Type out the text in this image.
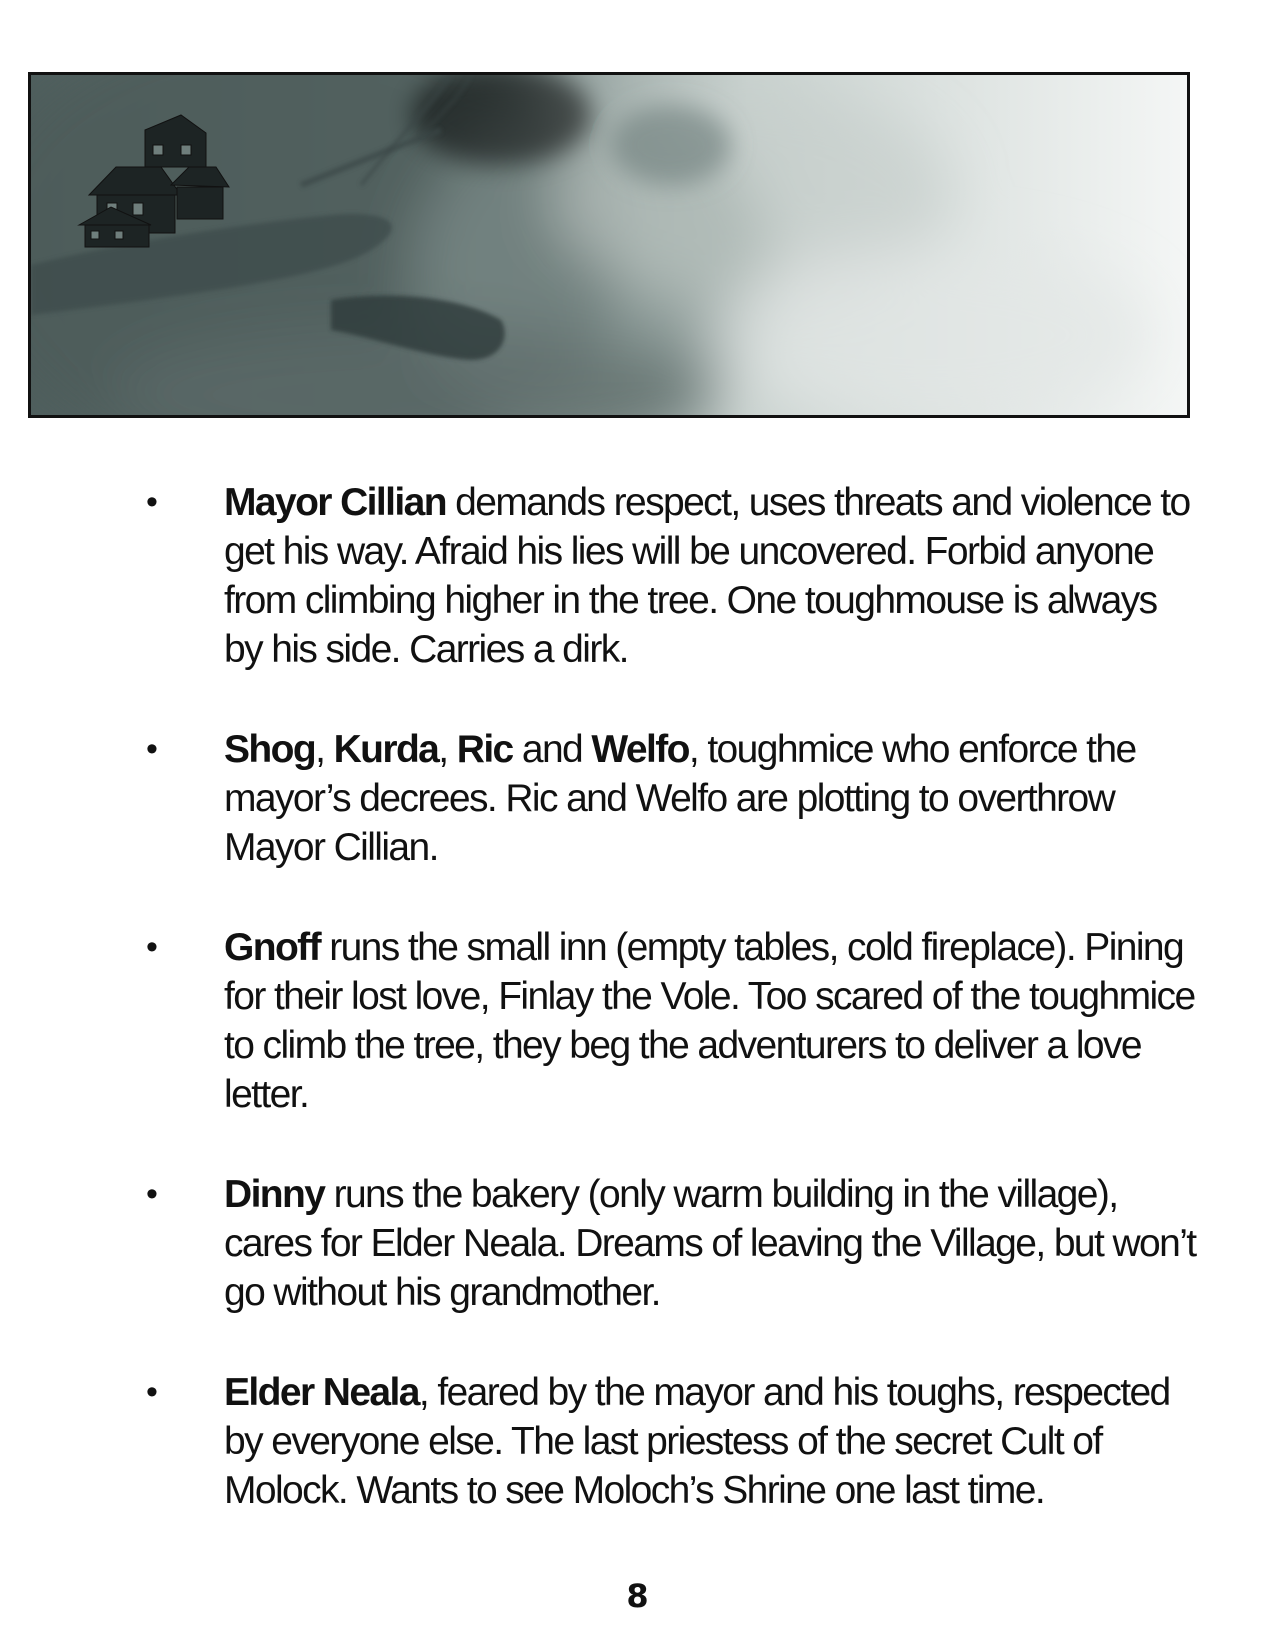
• Mayor Cillian demands respect, uses threats and violence to get his way. Afraid his lies will be uncovered. Forbid anyone from climbing higher in the tree. One toughmouse is always by his side. Carries a dirk.
• Shog, Kurda, Ric and Welfo, toughmice who enforce the mayor’s decrees. Ric and Welfo are plotting to overthrow Mayor Cillian.
• Gnoff runs the small inn (empty tables, cold fireplace). Pining for their lost love, Finlay the Vole. Too scared of the toughmice to climb the tree, they beg the adventurers to deliver a love letter.
• Dinny runs the bakery (only warm building in the village), cares for Elder Neala. Dreams of leaving the Village, but won’t go without his grandmother.
• Elder Neala, feared by the mayor and his toughs, respected by everyone else. The last priestess of the secret Cult of Molock. Wants to see Moloch’s Shrine one last time.
8
